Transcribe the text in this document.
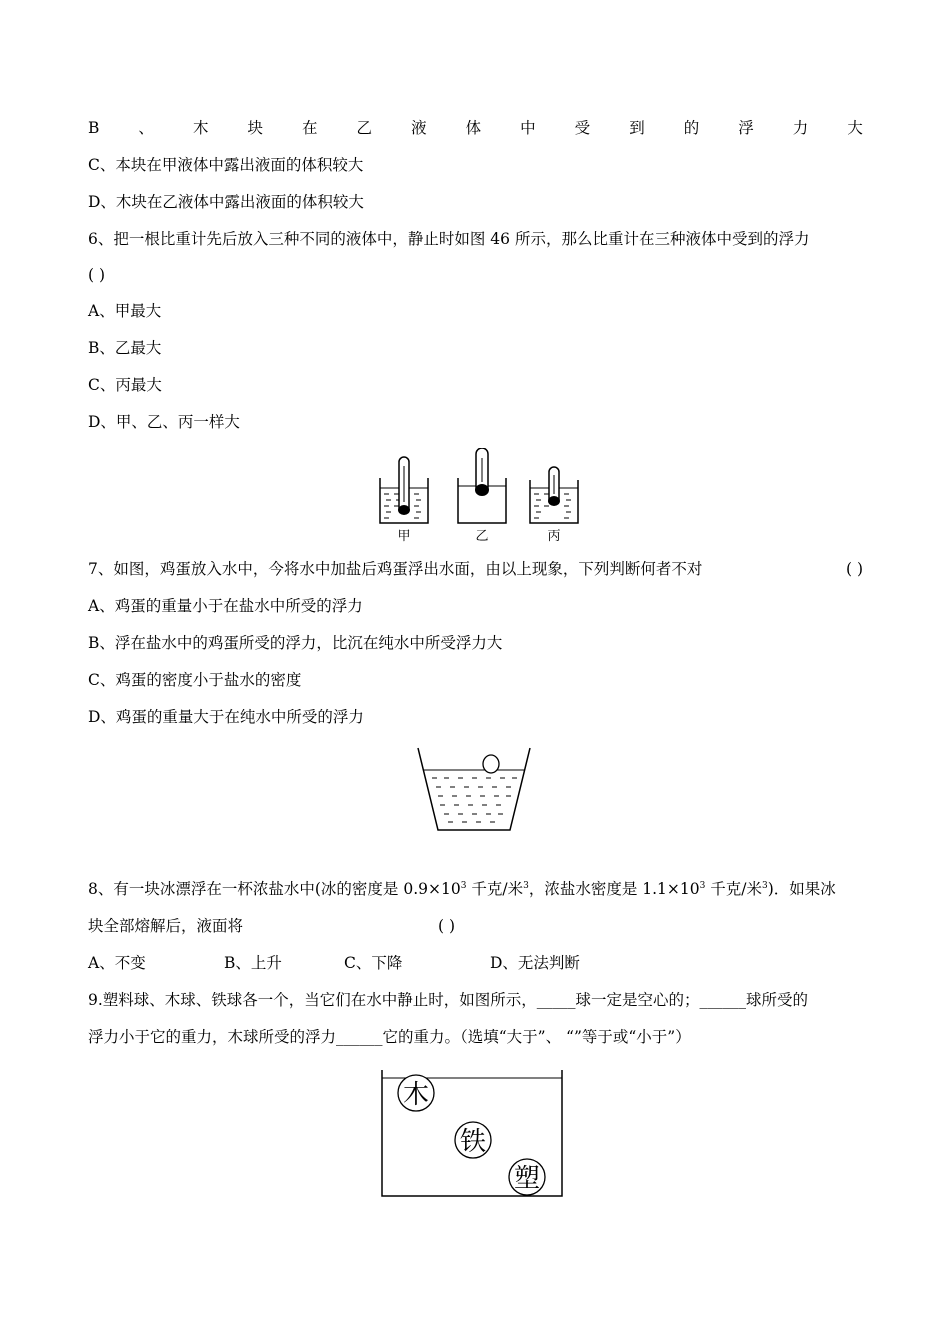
B	、	木	块	在	乙	液	体	中	受	到	的	浮	力	大
C、本块在甲液体中露出液面的体积较大
D、木块在乙液体中露出液面的体积较大
6、把一根比重计先后放入三种不同的液体中，静止时如图 46 所示，那么比重计在三种液体中受到的浮力
( )
A、甲最大
B、乙最大
C、丙最大
D、甲、乙、丙一样大
甲	乙	丙
7、如图，鸡蛋放入水中，今将水中加盐后鸡蛋浮出水面，由以上现象，下列判断何者不对	( )
A、鸡蛋的重量小于在盐水中所受的浮力
B、浮在盐水中的鸡蛋所受的浮力，比沉在纯水中所受浮力大
C、鸡蛋的密度小于盐水的密度
D、鸡蛋的重量大于在纯水中所受的浮力
8、有一块冰漂浮在一杯浓盐水中(冰的密度是 $0.9\times 10^3$ 千克/米$^3$，浓盐水密度是 $1.1\times 10^3$ 千克/米$^3$)．如果冰
块全部熔解后，液面将	( )
A、不变	B、上升	C、下降	D、无法判断
9.塑料球、木球、铁球各一个，当它们在水中静止时，如图所示，_____球一定是空心的；______球所受的
浮力小于它的重力，木球所受的浮力______它的重力。（选填“大于”、 “”等于或“小于”）
木
铁
塑
